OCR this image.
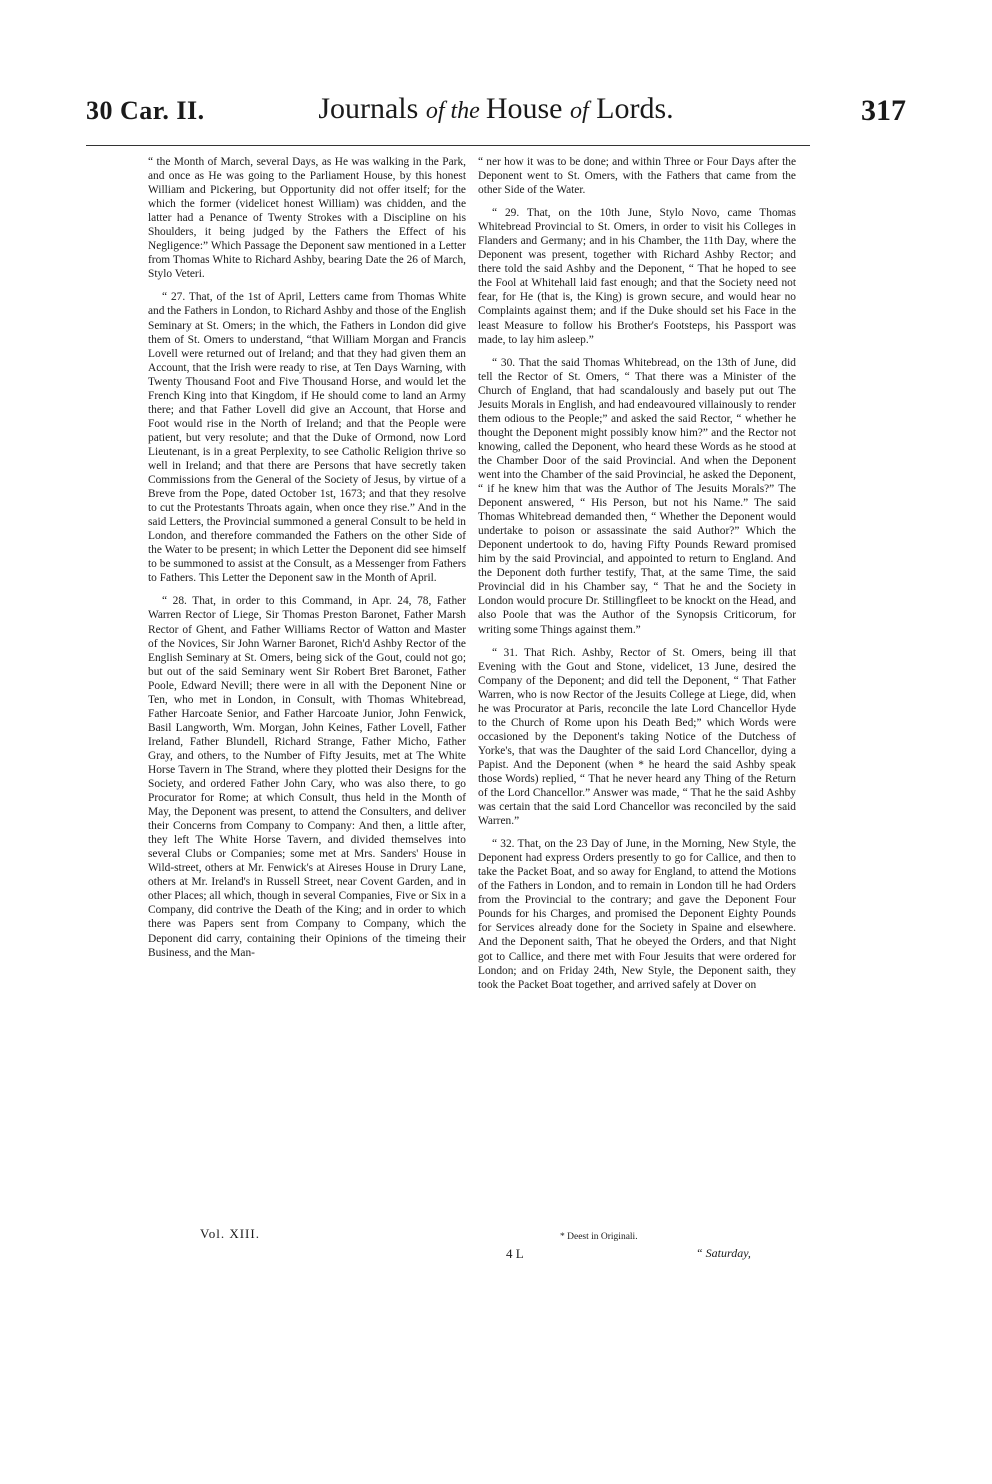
30 Car. II.	Journals of the House of Lords.	317

“ the Month of March, several Days, as He was walking in the Park, and once as He was going to the Parliament House, by this honest William and Pickering, but Opportunity did not offer itself; for the which the former (videlicet honest William) was chidden, and the latter had a Penance of Twenty Strokes with a Discipline on his Shoulders, it being judged by the Fathers the Effect of his Negligence:” Which Passage the Deponent saw mentioned in a Letter from Thomas White to Richard Ashby, bearing Date the 26 of March, Stylo Veteri.

“ 27. That, of the 1st of April, Letters came from Thomas White and the Fathers in London, to Richard Ashby and those of the English Seminary at St. Omers; in the which, the Fathers in London did give them of St. Omers to understand, “that William Morgan and Francis Lovell were returned out of Ireland; and that they had given them an Account, that the Irish were ready to rise, at Ten Days Warning, with Twenty Thousand Foot and Five Thousand Horse, and would let the French King into that Kingdom, if He should come to land an Army there; and that Father Lovell did give an Account, that Horse and Foot would rise in the North of Ireland; and that the People were patient, but very resolute; and that the Duke of Ormond, now Lord Lieutenant, is in a great Perplexity, to see Catholic Religion thrive so well in Ireland; and that there are Persons that have secretly taken Commissions from the General of the Society of Jesus, by virtue of a Breve from the Pope, dated October 1st, 1673; and that they resolve to cut the Protestants Throats again, when once they rise.” And in the said Letters, the Provincial summoned a general Consult to be held in London, and therefore commanded the Fathers on the other Side of the Water to be present; in which Letter the Deponent did see himself to be summoned to assist at the Consult, as a Messenger from Fathers to Fathers. This Letter the Deponent saw in the Month of April.

“ 28. That, in order to this Command, in Apr. 24, 78, Father Warren Rector of Liege, Sir Thomas Preston Baronet, Father Marsh Rector of Ghent, and Father Williams Rector of Watton and Master of the Novices, Sir John Warner Baronet, Rich'd Ashby Rector of the English Seminary at St. Omers, being sick of the Gout, could not go; but out of the said Seminary went Sir Robert Bret Baronet, Father Poole, Edward Nevill; there were in all with the Deponent Nine or Ten, who met in London, in Consult, with Thomas Whitebread, Father Harcoate Senior, and Father Harcoate Junior, John Fenwick, Basil Langworth, Wm. Morgan, John Keines, Father Lovell, Father Ireland, Father Blundell, Richard Strange, Father Micho, Father Gray, and others, to the Number of Fifty Jesuits, met at The White Horse Tavern in The Strand, where they plotted their Designs for the Society, and ordered Father John Cary, who was also there, to go Procurator for Rome; at which Consult, thus held in the Month of May, the Deponent was present, to attend the Consulters, and deliver their Concerns from Company to Company: And then, a little after, they left The White Horse Tavern, and divided themselves into several Clubs or Companies; some met at Mrs. Sanders' House in Wild-street, others at Mr. Fenwick's at Aireses House in Drury Lane, others at Mr. Ireland's in Russell Street, near Covent Garden, and in other Places; all which, though in several Companies, Five or Six in a Company, did contrive the Death of the King; and in order to which there was Papers sent from Company to Company, which the Deponent did carry, containing their Opinions of the timeing their Business, and the Man-

“ ner how it was to be done; and within Three or Four Days after the Deponent went to St. Omers, with the Fathers that came from the other Side of the Water.

“ 29. That, on the 10th June, Stylo Novo, came Thomas Whitebread Provincial to St. Omers, in order to visit his Colleges in Flanders and Germany; and in his Chamber, the 11th Day, where the Deponent was present, together with Richard Ashby Rector; and there told the said Ashby and the Deponent, “ That he hoped to see the Fool at Whitehall laid fast enough; and that the Society need not fear, for He (that is, the King) is grown secure, and would hear no Complaints against them; and if the Duke should set his Face in the least Measure to follow his Brother's Footsteps, his Passport was made, to lay him asleep.”

“ 30. That the said Thomas Whitebread, on the 13th of June, did tell the Rector of St. Omers, “ That there was a Minister of the Church of England, that had scandalously and basely put out The Jesuits Morals in English, and had endeavoured villainously to render them odious to the People;” and asked the said Rector, “ whether he thought the Deponent might possibly know him?” and the Rector not knowing, called the Deponent, who heard these Words as he stood at the Chamber Door of the said Provincial. And when the Deponent went into the Chamber of the said Provincial, he asked the Deponent, “ if he knew him that was the Author of The Jesuits Morals?” The Deponent answered, “ His Person, but not his Name.” The said Thomas Whitebread demanded then, “ Whether the Deponent would undertake to poison or assassinate the said Author?” Which the Deponent undertook to do, having Fifty Pounds Reward promised him by the said Provincial, and appointed to return to England. And the Deponent doth further testify, That, at the same Time, the said Provincial did in his Chamber say, “ That he and the Society in London would procure Dr. Stillingfleet to be knockt on the Head, and also Poole that was the Author of the Synopsis Criticorum, for writing some Things against them.”

“ 31. That Rich. Ashby, Rector of St. Omers, being ill that Evening with the Gout and Stone, videlicet, 13 June, desired the Company of the Deponent; and did tell the Deponent, “ That Father Warren, who is now Rector of the Jesuits College at Liege, did, when he was Procurator at Paris, reconcile the late Lord Chancellor Hyde to the Church of Rome upon his Death Bed;” which Words were occasioned by the Deponent's taking Notice of the Dutchess of Yorke's, that was the Daughter of the said Lord Chancellor, dying a Papist. And the Deponent (when * he heard the said Ashby speak those Words) replied, “ That he never heard any Thing of the Return of the Lord Chancellor.” Answer was made, “ That he the said Ashby was certain that the said Lord Chancellor was reconciled by the said Warren.”

“ 32. That, on the 23 Day of June, in the Morning, New Style, the Deponent had express Orders presently to go for Callice, and then to take the Packet Boat, and so away for England, to attend the Motions of the Fathers in London, and to remain in London till he had Orders from the Provincial to the contrary; and gave the Deponent Four Pounds for his Charges, and promised the Deponent Eighty Pounds for Services already done for the Society in Spaine and elsewhere. And the Deponent saith, That he obeyed the Orders, and that Night got to Callice, and there met with Four Jesuits that were ordered for London; and on Friday 24th, New Style, the Deponent saith, they took the Packet Boat together, and arrived safely at Dover on

Vol. XIII.	* Deest in Originali.
4 L	“ Saturday,
